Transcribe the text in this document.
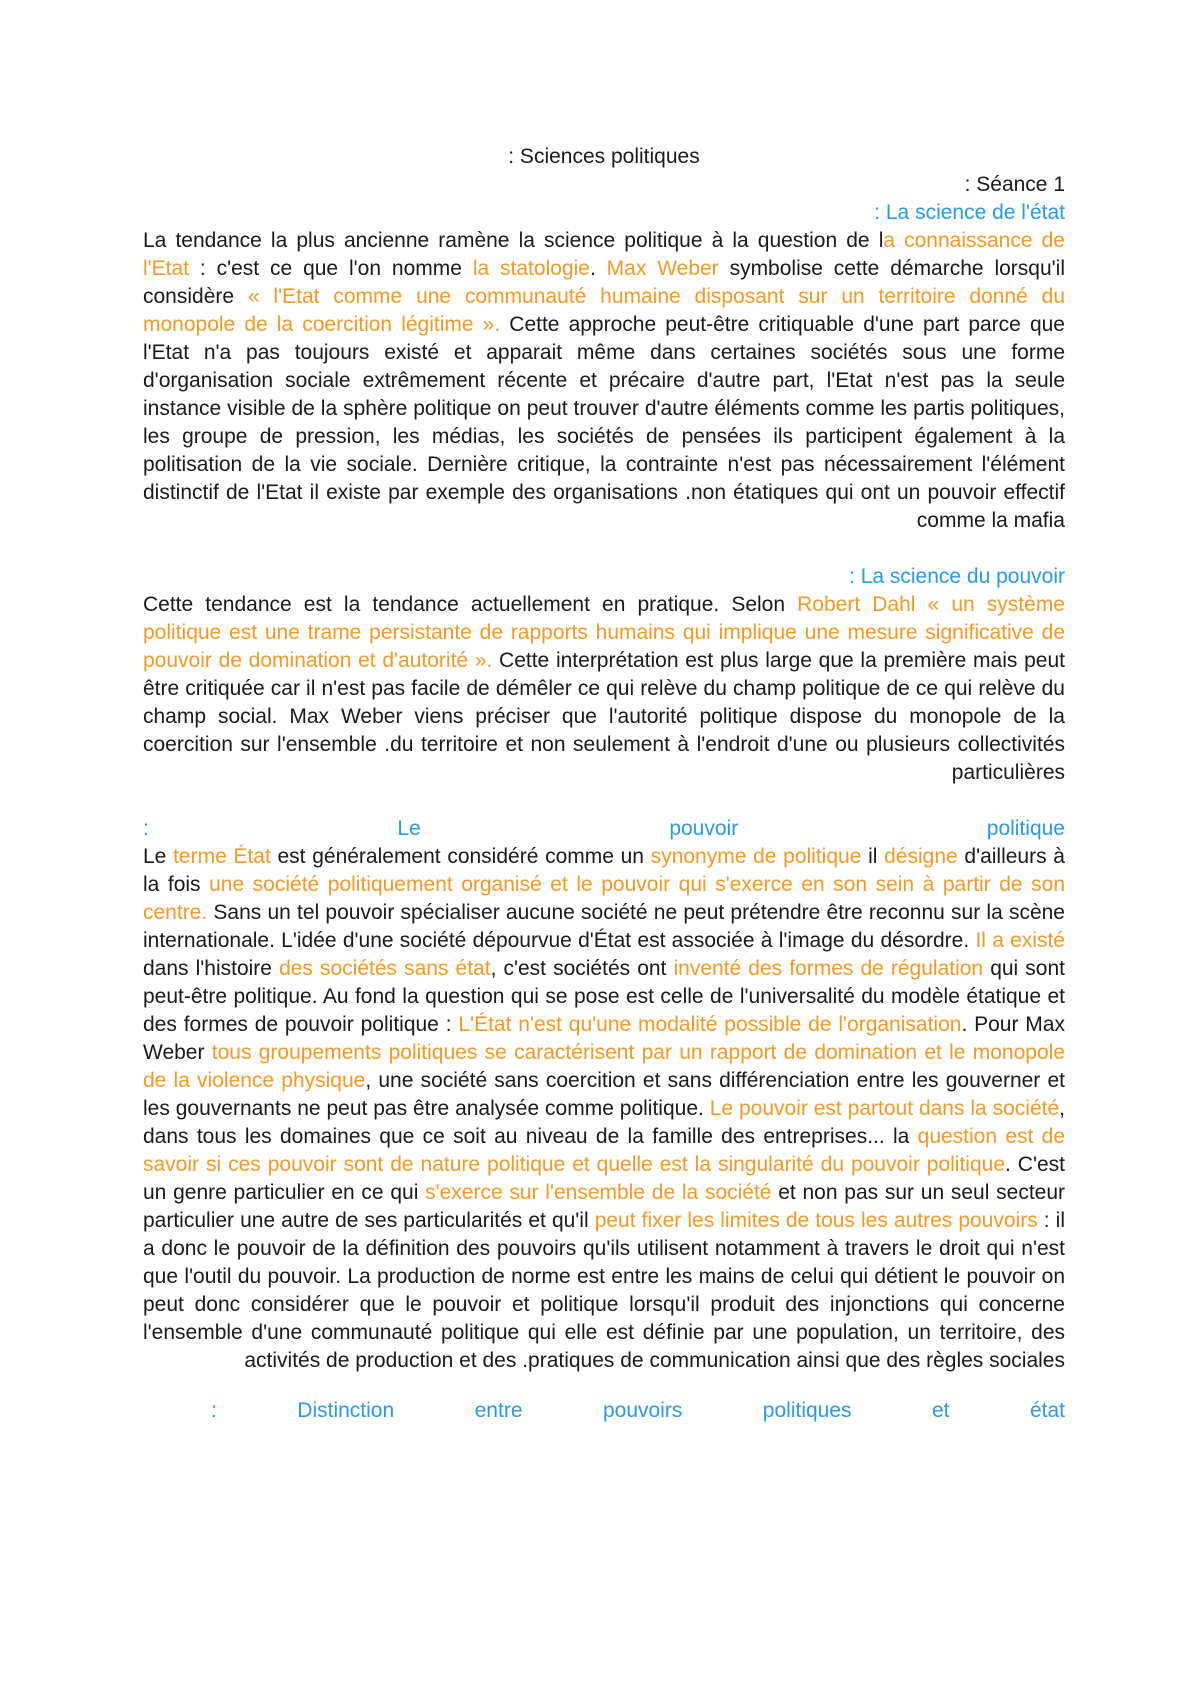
: Sciences politiques
: Séance 1
: La science de l'état

La tendance la plus ancienne ramène la science politique à la question de la connaissance de l'Etat : c'est ce que l'on nomme la statologie. Max Weber symbolise cette démarche lorsqu'il considère « l'Etat comme une communauté humaine disposant sur un territoire donné du monopole de la coercition légitime ». Cette approche peut-être critiquable d'une part parce que l'Etat n'a pas toujours existé et apparait même dans certaines sociétés sous une forme d'organisation sociale extrêmement récente et précaire d'autre part, l'Etat n'est pas la seule instance visible de la sphère politique on peut trouver d'autre éléments comme les partis politiques, les groupe de pression, les médias, les sociétés de pensées ils participent également à la politisation de la vie sociale. Dernière critique, la contrainte n'est pas nécessairement l'élément distinctif de l'Etat il existe par exemple des organisations .non étatiques qui ont un pouvoir effectif comme la mafia

: La science du pouvoir

Cette tendance est la tendance actuellement en pratique. Selon Robert Dahl « un système politique est une trame persistante de rapports humains qui implique une mesure significative de pouvoir de domination et d'autorité ». Cette interprétation est plus large que la première mais peut être critiquée car il n'est pas facile de démêler ce qui relève du champ politique de ce qui relève du champ social. Max Weber viens préciser que l'autorité politique dispose du monopole de la coercition sur l'ensemble .du territoire et non seulement à l'endroit d'une ou plusieurs collectivités particulières

: Le pouvoir politique

Le terme État est généralement considéré comme un synonyme de politique il désigne d'ailleurs à la fois une société politiquement organisé et le pouvoir qui s'exerce en son sein à partir de son centre. Sans un tel pouvoir spécialiser aucune société ne peut prétendre être reconnu sur la scène internationale. L'idée d'une société dépourvue d'État est associée à l'image du désordre. Il a existé dans l'histoire des sociétés sans état, c'est sociétés ont inventé des formes de régulation qui sont peut-être politique. Au fond la question qui se pose est celle de l'universalité du modèle étatique et des formes de pouvoir politique : L'État n'est qu'une modalité possible de l'organisation. Pour Max Weber tous groupements politiques se caractérisent par un rapport de domination et le monopole de la violence physique, une société sans coercition et sans différenciation entre les gouverner et les gouvernants ne peut pas être analysée comme politique. Le pouvoir est partout dans la société, dans tous les domaines que ce soit au niveau de la famille des entreprises... la question est de savoir si ces pouvoir sont de nature politique et quelle est la singularité du pouvoir politique. C'est un genre particulier en ce qui s'exerce sur l'ensemble de la société et non pas sur un seul secteur particulier une autre de ses particularités et qu'il peut fixer les limites de tous les autres pouvoirs : il a donc le pouvoir de la définition des pouvoirs qu'ils utilisent notamment à travers le droit qui n'est que l'outil du pouvoir. La production de norme est entre les mains de celui qui détient le pouvoir on peut donc considérer que le pouvoir et politique lorsqu'il produit des injonctions qui concerne l'ensemble d'une communauté politique qui elle est définie par une population, un territoire, des activités de production et des .pratiques de communication ainsi que des règles sociales

: Distinction entre pouvoirs politiques et état
